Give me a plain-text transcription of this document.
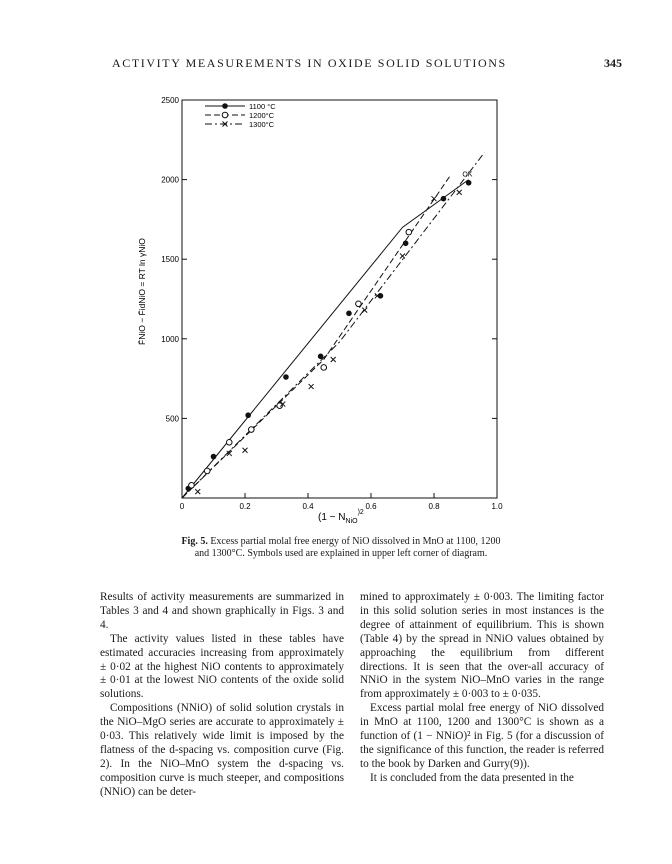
ACTIVITY MEASUREMENTS IN OXIDE SOLID SOLUTIONS	345
0	0.2	0.4	0.6	0.8	1.0
500
1000
1500
2000
2500
1100 °C
1200°C
1300°C
OK
($1 - N_{NiO}^{)2}$
F̄NiO − F̄idNiO = RT ln γNiO
Fig. 5. Excess partial molal free energy of NiO dissolved in MnO at 1100, 1200 and 1300°C. Symbols used are explained in upper left corner of diagram.

Results of activity measurements are summarized in Tables 3 and 4 and shown graphically in Figs. 3 and 4.

The activity values listed in these tables have estimated accuracies increasing from approximately ± 0·02 at the highest NiO contents to approximately ± 0·01 at the lowest NiO contents of the oxide solid solutions.

Compositions (NNiO) of solid solution crystals in the NiO–MgO series are accurate to approximately ± 0·03. This relatively wide limit is imposed by the flatness of the d-spacing vs. composition curve (Fig. 2). In the NiO–MnO system the d-spacing vs. composition curve is much steeper, and compositions (NNiO) can be deter-

mined to approximately ± 0·003. The limiting factor in this solid solution series in most instances is the degree of attainment of equilibrium. This is shown (Table 4) by the spread in NNiO values obtained by approaching the equilibrium from different directions. It is seen that the over-all accuracy of NNiO in the system NiO–MnO varies in the range from approximately ± 0·003 to ± 0·035.

Excess partial molal free energy of NiO dissolved in MnO at 1100, 1200 and 1300°C is shown as a function of (1 − NNiO)² in Fig. 5 (for a discussion of the significance of this function, the reader is referred to the book by Darken and Gurry(9)).

It is concluded from the data presented in the
